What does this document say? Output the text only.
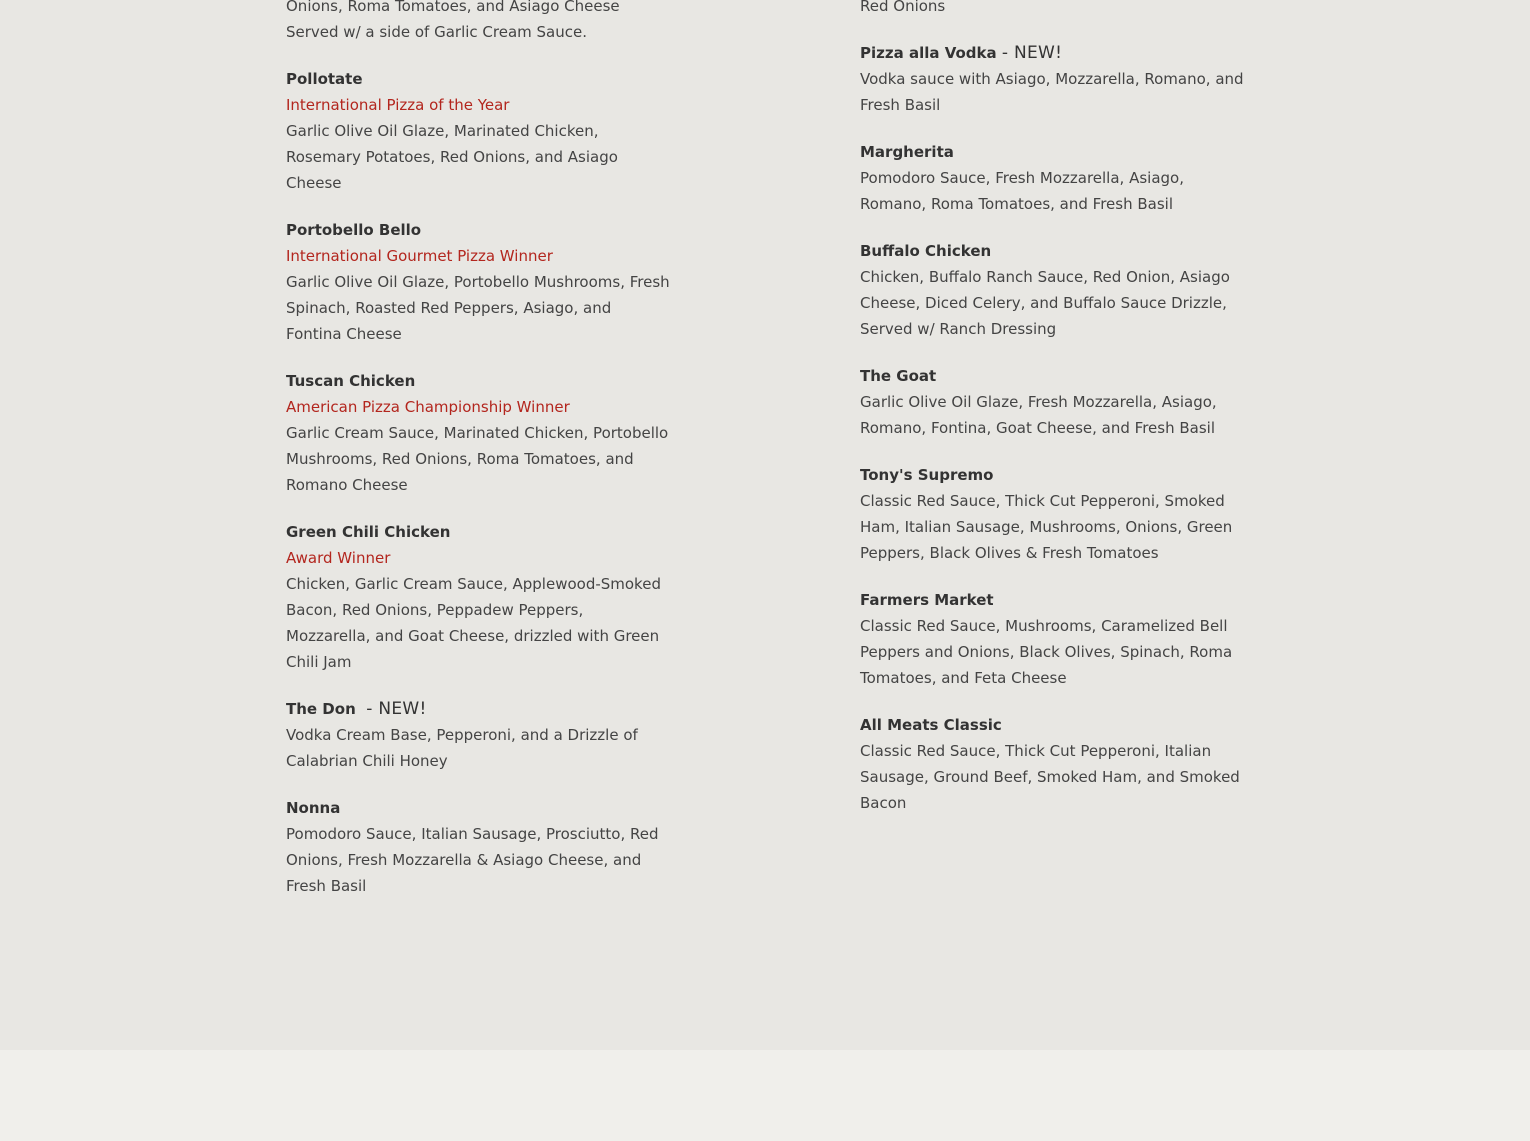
Onions, Roma Tomatoes, and Asiago Cheese Served w/ a side of Garlic Cream Sauce.
Pollotate
International Pizza of the Year
Garlic Olive Oil Glaze, Marinated Chicken, Rosemary Potatoes, Red Onions, and Asiago Cheese
Portobello Bello
International Gourmet Pizza Winner
Garlic Olive Oil Glaze, Portobello Mushrooms, Fresh Spinach, Roasted Red Peppers, Asiago, and Fontina Cheese
Tuscan Chicken
American Pizza Championship Winner
Garlic Cream Sauce, Marinated Chicken, Portobello Mushrooms, Red Onions, Roma Tomatoes, and Romano Cheese
Green Chili Chicken
Award Winner
Chicken, Garlic Cream Sauce, Applewood-Smoked Bacon, Red Onions, Peppadew Peppers, Mozzarella, and Goat Cheese, drizzled with Green Chili Jam
The Don  - NEW!
Vodka Cream Base, Pepperoni, and a Drizzle of Calabrian Chili Honey
Nonna
Pomodoro Sauce, Italian Sausage, Prosciutto, Red Onions, Fresh Mozzarella & Asiago Cheese, and Fresh Basil
Red Onions
Pizza alla Vodka - NEW!
Vodka sauce with Asiago, Mozzarella, Romano, and Fresh Basil
Margherita
Pomodoro Sauce, Fresh Mozzarella, Asiago, Romano, Roma Tomatoes, and Fresh Basil
Buffalo Chicken
Chicken, Buffalo Ranch Sauce, Red Onion, Asiago Cheese, Diced Celery, and Buffalo Sauce Drizzle, Served w/ Ranch Dressing
The Goat
Garlic Olive Oil Glaze, Fresh Mozzarella, Asiago, Romano, Fontina, Goat Cheese, and Fresh Basil
Tony's Supremo
Classic Red Sauce, Thick Cut Pepperoni, Smoked Ham, Italian Sausage, Mushrooms, Onions, Green Peppers, Black Olives & Fresh Tomatoes
Farmers Market
Classic Red Sauce, Mushrooms, Caramelized Bell Peppers and Onions, Black Olives, Spinach, Roma Tomatoes, and Feta Cheese
All Meats Classic
Classic Red Sauce, Thick Cut Pepperoni, Italian Sausage, Ground Beef, Smoked Ham, and Smoked Bacon
